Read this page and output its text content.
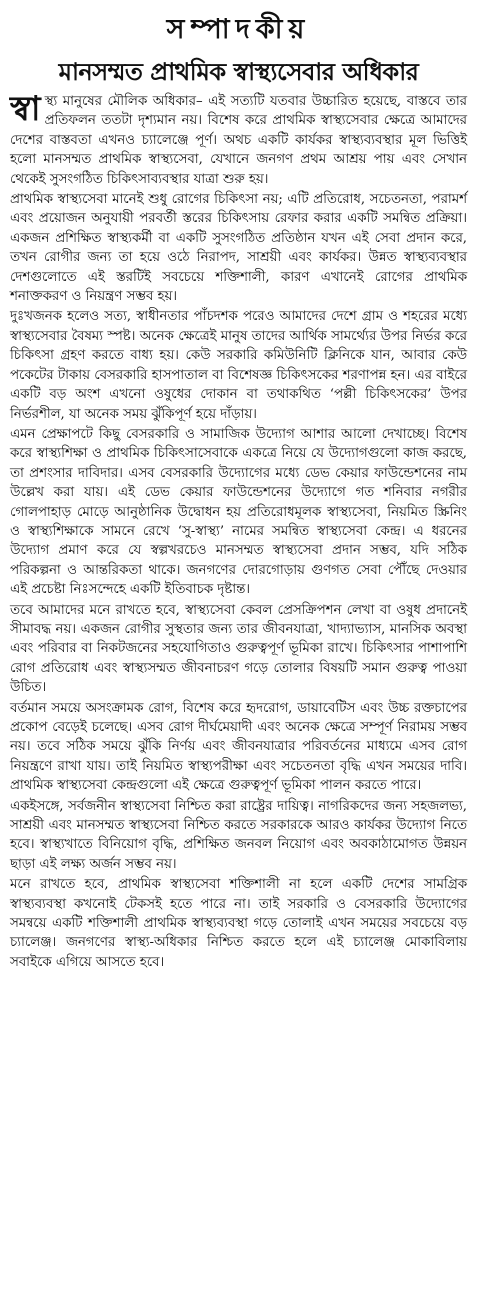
সম্পাদকীয়
মানসম্মত প্রাথমিক স্বাস্থ্যসেবার অধিকার

স্বা স্থ্য মানুষের মৌলিক অধিকার– এই সত্যটি যতবার উচ্চারিত হয়েছে, বাস্তবে তার প্রতিফলন ততটা দৃশ্যমান নয়। বিশেষ করে প্রাথমিক স্বাস্থ্যসেবার ক্ষেত্রে আমাদের দেশের বাস্তবতা এখনও চ্যালেঞ্জে পূর্ণ। অথচ একটি কার্যকর স্বাস্থ্যব্যবস্থার মূল ভিত্তিই হলো মানসম্মত প্রাথমিক স্বাস্থ্যসেবা, যেখানে জনগণ প্রথম আশ্রয় পায় এবং সেখান থেকেই সুসংগঠিত চিকিৎসাব্যবস্থার যাত্রা শুরু হয়।

প্রাথমিক স্বাস্থ্যসেবা মানেই শুধু রোগের চিকিৎসা নয়; এটি প্রতিরোধ, সচেতনতা, পরামর্শ এবং প্রয়োজন অনুযায়ী পরবর্তী স্তরের চিকিৎসায় রেফার করার একটি সমন্বিত প্রক্রিয়া। একজন প্রশিক্ষিত স্বাস্থ্যকর্মী বা একটি সুসংগঠিত প্রতিষ্ঠান যখন এই সেবা প্রদান করে, তখন রোগীর জন্য তা হয়ে ওঠে নিরাপদ, সাশ্রয়ী এবং কার্যকর। উন্নত স্বাস্থ্যব্যবস্থার দেশগুলোতে এই স্তরটিই সবচেয়ে শক্তিশালী, কারণ এখানেই রোগের প্রাথমিক শনাক্তকরণ ও নিয়ন্ত্রণ সম্ভব হয়।

দুঃখজনক হলেও সত্য, স্বাধীনতার পাঁচদশক পরেও আমাদের দেশে গ্রাম ও শহরের মধ্যে স্বাস্থ্যসেবার বৈষম্য স্পষ্ট। অনেক ক্ষেত্রেই মানুষ তাদের আর্থিক সামর্থ্যের উপর নির্ভর করে চিকিৎসা গ্রহণ করতে বাধ্য হয়। কেউ সরকারি কমিউনিটি ক্লিনিকে যান, আবার কেউ পকেটের টাকায় বেসরকারি হাসপাতাল বা বিশেষজ্ঞ চিকিৎসকের শরণাপন্ন হন। এর বাইরে একটি বড় অংশ এখনো ওষুধের দোকান বা তথাকথিত ‘পল্লী চিকিৎসকের’ উপর নির্ভরশীল, যা অনেক সময় ঝুঁকিপূর্ণ হয়ে দাঁড়ায়।

এমন প্রেক্ষাপটে কিছু বেসরকারি ও সামাজিক উদ্যোগ আশার আলো দেখাচ্ছে। বিশেষ করে স্বাস্থ্যশিক্ষা ও প্রাথমিক চিকিৎসাসেবাকে একত্রে নিয়ে যে উদ্যোগগুলো কাজ করছে, তা প্রশংসার দাবিদার। এসব বেসরকারি উদ্যোগের মধ্যে ডেভ কেয়ার ফাউন্ডেশনের নাম উল্লেখ করা যায়। এই ডেভ কেয়ার ফাউন্ডেশনের উদ্যোগে গত শনিবার নগরীর গোলপাহাড় মোড়ে আনুষ্ঠানিক উদ্বোধন হয় প্রতিরোধমূলক স্বাস্থ্যসেবা, নিয়মিত স্ক্রিনিং ও স্বাস্থ্যশিক্ষাকে সামনে রেখে ‘সু-স্বাস্থ্য’ নামের সমন্বিত স্বাস্থ্যসেবা কেন্দ্র। এ ধরনের উদ্যোগ প্রমাণ করে যে স্বল্পখরচেও মানসম্মত স্বাস্থ্যসেবা প্রদান সম্ভব, যদি সঠিক পরিকল্পনা ও আন্তরিকতা থাকে। জনগণের দোরগোড়ায় গুণগত সেবা পৌঁছে দেওয়ার এই প্রচেষ্টা নিঃসন্দেহে একটি ইতিবাচক দৃষ্টান্ত।

তবে আমাদের মনে রাখতে হবে, স্বাস্থ্যসেবা কেবল প্রেসক্রিপশন লেখা বা ওষুধ প্রদানেই সীমাবদ্ধ নয়। একজন রোগীর সুস্থতার জন্য তার জীবনযাত্রা, খাদ্যাভ্যাস, মানসিক অবস্থা এবং পরিবার বা নিকটজনের সহযোগিতাও গুরুত্বপূর্ণ ভূমিকা রাখে। চিকিৎসার পাশাপাশি রোগ প্রতিরোধ এবং স্বাস্থ্যসম্মত জীবনাচরণ গড়ে তোলার বিষয়টি সমান গুরুত্ব পাওয়া উচিত।

বর্তমান সময়ে অসংক্রামক রোগ, বিশেষ করে হৃদরোগ, ডায়াবেটিস এবং উচ্চ রক্তচাপের প্রকোপ বেড়েই চলেছে। এসব রোগ দীর্ঘমেয়াদী এবং অনেক ক্ষেত্রে সম্পূর্ণ নিরাময় সম্ভব নয়। তবে সঠিক সময়ে ঝুঁকি নির্ণয় এবং জীবনযাত্রার পরিবর্তনের মাধ্যমে এসব রোগ নিয়ন্ত্রণে রাখা যায়। তাই নিয়মিত স্বাস্থ্যপরীক্ষা এবং সচেতনতা বৃদ্ধি এখন সময়ের দাবি। প্রাথমিক স্বাস্থ্যসেবা কেন্দ্রগুলো এই ক্ষেত্রে গুরুত্বপূর্ণ ভূমিকা পালন করতে পারে।

একইসঙ্গে, সর্বজনীন স্বাস্থ্যসেবা নিশ্চিত করা রাষ্ট্রের দায়িত্ব। নাগরিকদের জন্য সহজলভ্য, সাশ্রয়ী এবং মানসম্মত স্বাস্থ্যসেবা নিশ্চিত করতে সরকারকে আরও কার্যকর উদ্যোগ নিতে হবে। স্বাস্থ্যখাতে বিনিয়োগ বৃদ্ধি, প্রশিক্ষিত জনবল নিয়োগ এবং অবকাঠামোগত উন্নয়ন ছাড়া এই লক্ষ্য অর্জন সম্ভব নয়।

মনে রাখতে হবে, প্রাথমিক স্বাস্থ্যসেবা শক্তিশালী না হলে একটি দেশের সামগ্রিক স্বাস্থ্যব্যবস্থা কখনোই টেকসই হতে পারে না। তাই সরকারি ও বেসরকারি উদ্যোগের সমন্বয়ে একটি শক্তিশালী প্রাথমিক স্বাস্থ্যব্যবস্থা গড়ে তোলাই এখন সময়ের সবচেয়ে বড় চ্যালেঞ্জ। জনগণের স্বাস্থ্য-অধিকার নিশ্চিত করতে হলে এই চ্যালেঞ্জ মোকাবিলায় সবাইকে এগিয়ে আসতে হবে।
